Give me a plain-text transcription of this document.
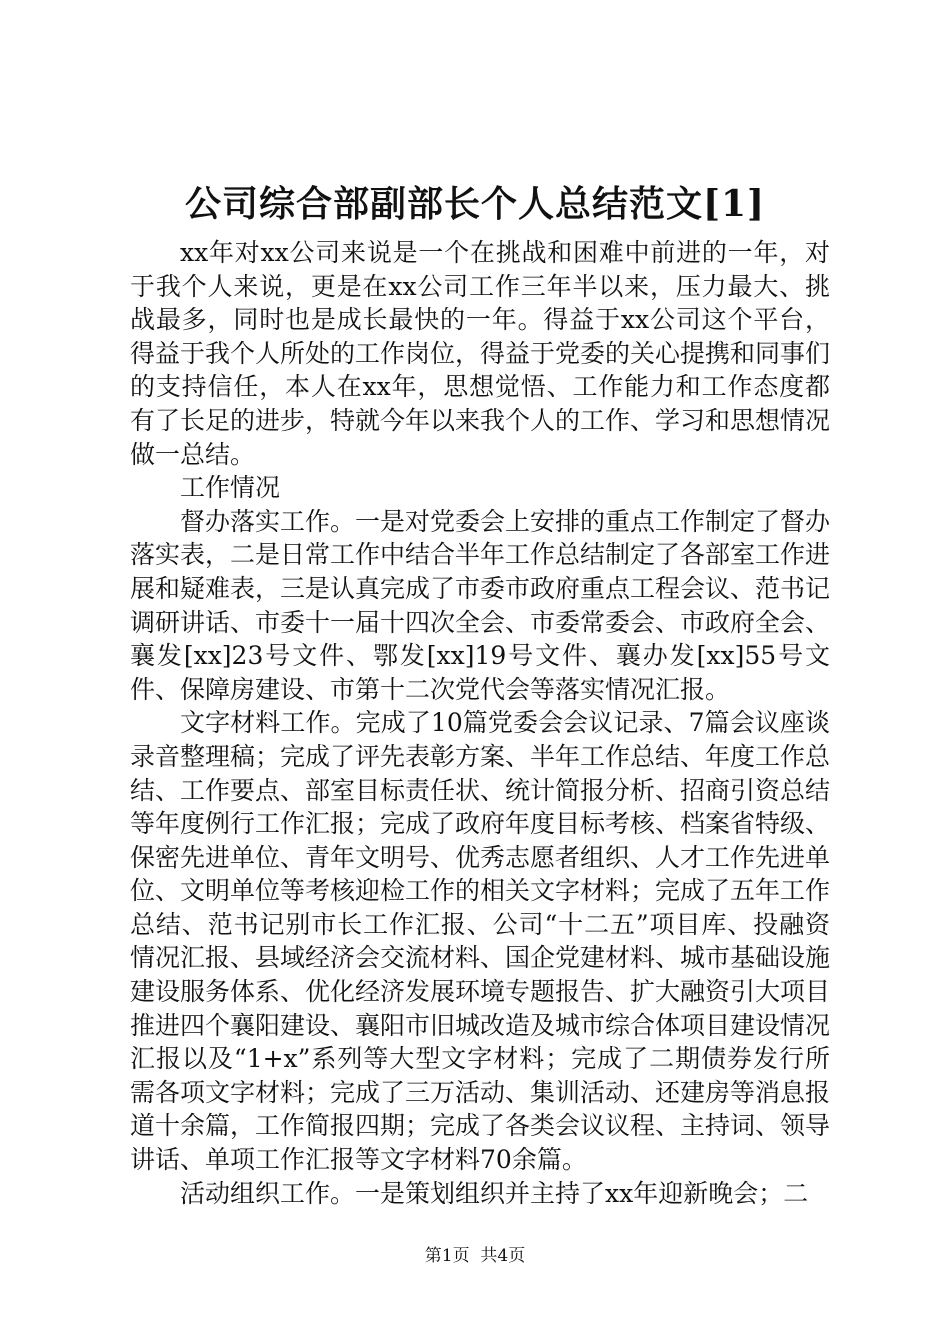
公司综合部副部长个人总结范文[1]

xx年对xx公司来说是一个在挑战和困难中前进的一年，对于我个人来说，更是在xx公司工作三年半以来，压力最大、挑战最多，同时也是成长最快的一年。得益于xx公司这个平台，得益于我个人所处的工作岗位，得益于党委的关心提携和同事们的支持信任，本人在xx年，思想觉悟、工作能力和工作态度都有了长足的进步，特就今年以来我个人的工作、学习和思想情况做一总结。

工作情况

督办落实工作。一是对党委会上安排的重点工作制定了督办落实表，二是日常工作中结合半年工作总结制定了各部室工作进展和疑难表，三是认真完成了市委市政府重点工程会议、范书记调研讲话、市委十一届十四次全会、市委常委会、市政府全会、襄发[xx]23号文件、鄂发[xx]19号文件、襄办发[xx]55号文件、保障房建设、市第十二次党代会等落实情况汇报。

文字材料工作。完成了10篇党委会会议记录、7篇会议座谈录音整理稿；完成了评先表彰方案、半年工作总结、年度工作总结、工作要点、部室目标责任状、统计简报分析、招商引资总结等年度例行工作汇报；完成了政府年度目标考核、档案省特级、保密先进单位、青年文明号、优秀志愿者组织、人才工作先进单位、文明单位等考核迎检工作的相关文字材料；完成了五年工作总结、范书记别市长工作汇报、公司“十二五”项目库、投融资情况汇报、县域经济会交流材料、国企党建材料、城市基础设施建设服务体系、优化经济发展环境专题报告、扩大融资引大项目推进四个襄阳建设、襄阳市旧城改造及城市综合体项目建设情况汇报以及“1+x”系列等大型文字材料；完成了二期债券发行所需各项文字材料；完成了三万活动、集训活动、还建房等消息报道十余篇，工作简报四期；完成了各类会议议程、主持词、领导讲话、单项工作汇报等文字材料70余篇。

活动组织工作。一是策划组织并主持了xx年迎新晚会；二

第1页 共4页
